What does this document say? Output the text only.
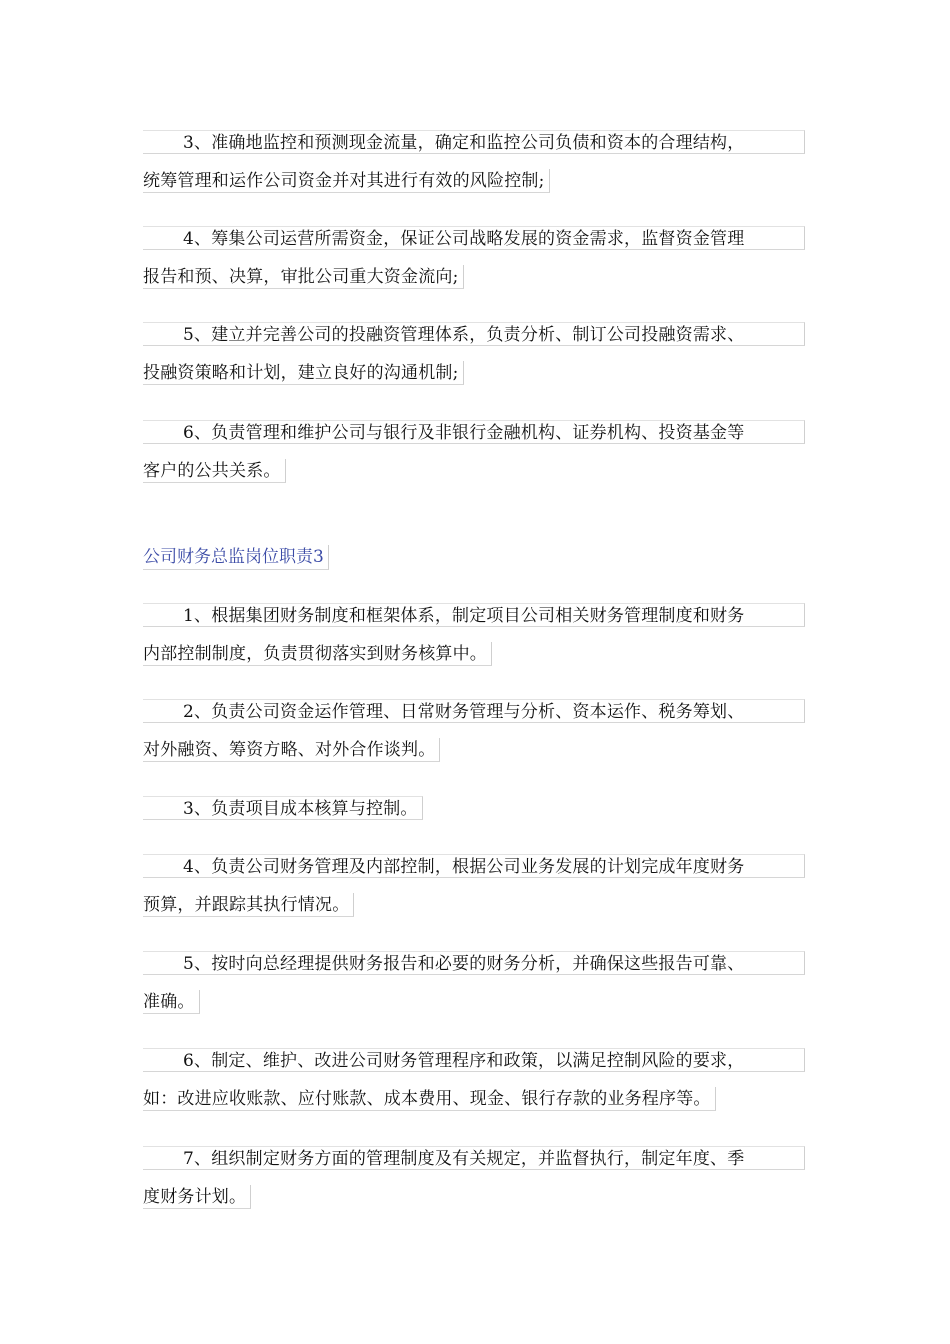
3、准确地监控和预测现金流量，确定和监控公司负债和资本的合理结构，
统筹管理和运作公司资金并对其进行有效的风险控制;
4、筹集公司运营所需资金，保证公司战略发展的资金需求，监督资金管理
报告和预、决算，审批公司重大资金流向;
5、建立并完善公司的投融资管理体系，负责分析、制订公司投融资需求、
投融资策略和计划，建立良好的沟通机制;
6、负责管理和维护公司与银行及非银行金融机构、证券机构、投资基金等
客户的公共关系。
公司财务总监岗位职责3
1、根据集团财务制度和框架体系，制定项目公司相关财务管理制度和财务
内部控制制度，负责贯彻落实到财务核算中。
2、负责公司资金运作管理、日常财务管理与分析、资本运作、税务筹划、
对外融资、筹资方略、对外合作谈判。
3、负责项目成本核算与控制。
4、负责公司财务管理及内部控制，根据公司业务发展的计划完成年度财务
预算，并跟踪其执行情况。
5、按时向总经理提供财务报告和必要的财务分析，并确保这些报告可靠、
准确。
6、制定、维护、改进公司财务管理程序和政策，以满足控制风险的要求，
如：改进应收账款、应付账款、成本费用、现金、银行存款的业务程序等。
7、组织制定财务方面的管理制度及有关规定，并监督执行，制定年度、季
度财务计划。
